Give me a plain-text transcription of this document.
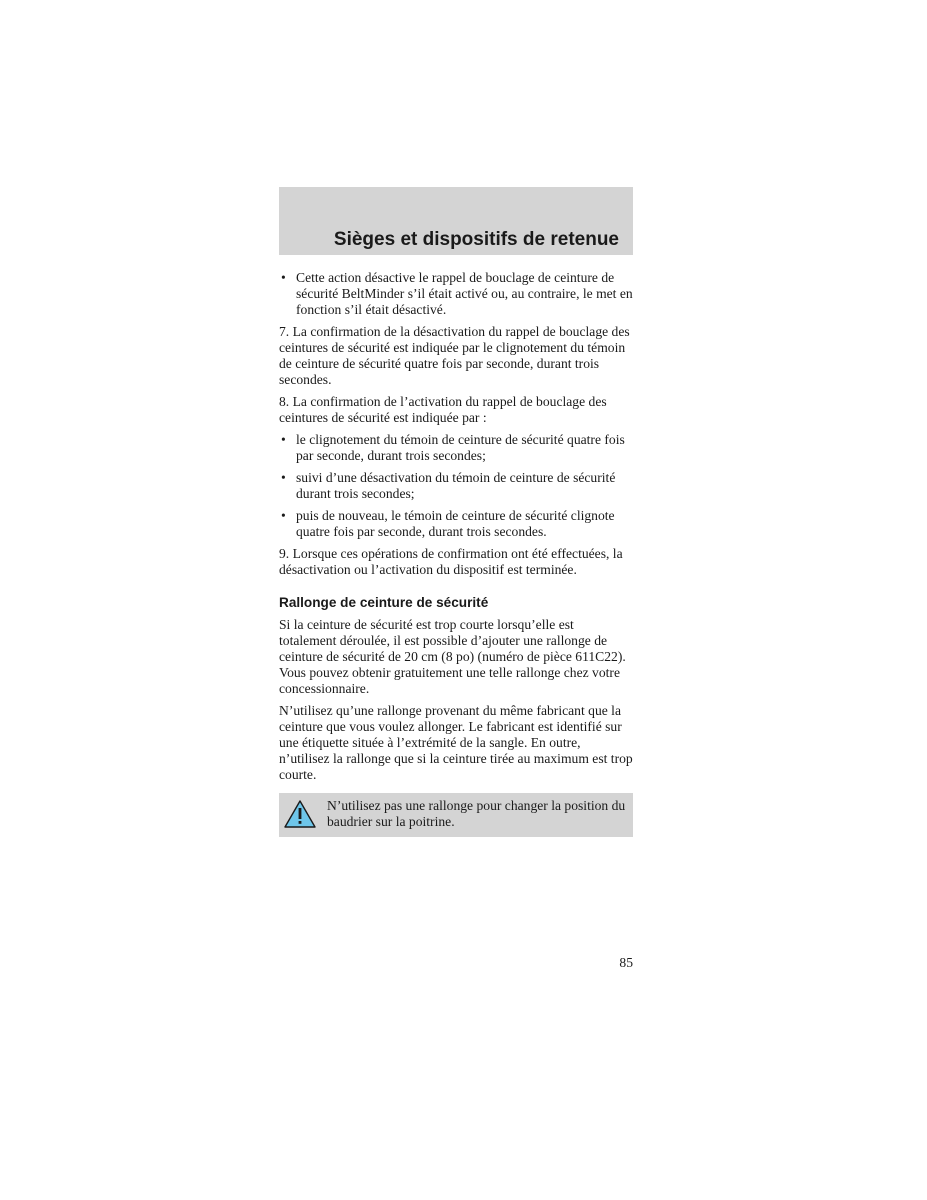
Sièges et dispositifs de retenue
• Cette action désactive le rappel de bouclage de ceinture de sécurité BeltMinder s’il était activé ou, au contraire, le met en fonction s’il était désactivé.

7. La confirmation de la désactivation du rappel de bouclage des ceintures de sécurité est indiquée par le clignotement du témoin de ceinture de sécurité quatre fois par seconde, durant trois secondes.

8. La confirmation de l’activation du rappel de bouclage des ceintures de sécurité est indiquée par :

• le clignotement du témoin de ceinture de sécurité quatre fois par seconde, durant trois secondes;
• suivi d’une désactivation du témoin de ceinture de sécurité durant trois secondes;
• puis de nouveau, le témoin de ceinture de sécurité clignote quatre fois par seconde, durant trois secondes.

9. Lorsque ces opérations de confirmation ont été effectuées, la désactivation ou l’activation du dispositif est terminée.

Rallonge de ceinture de sécurité

Si la ceinture de sécurité est trop courte lorsqu’elle est totalement déroulée, il est possible d’ajouter une rallonge de ceinture de sécurité de 20 cm (8 po) (numéro de pièce 611C22). Vous pouvez obtenir gratuitement une telle rallonge chez votre concessionnaire.

N’utilisez qu’une rallonge provenant du même fabricant que la ceinture que vous voulez allonger. Le fabricant est identifié sur une étiquette située à l’extrémité de la sangle. En outre, n’utilisez la rallonge que si la ceinture tirée au maximum est trop courte.

N’utilisez pas une rallonge pour changer la position du baudrier sur la poitrine.
85
